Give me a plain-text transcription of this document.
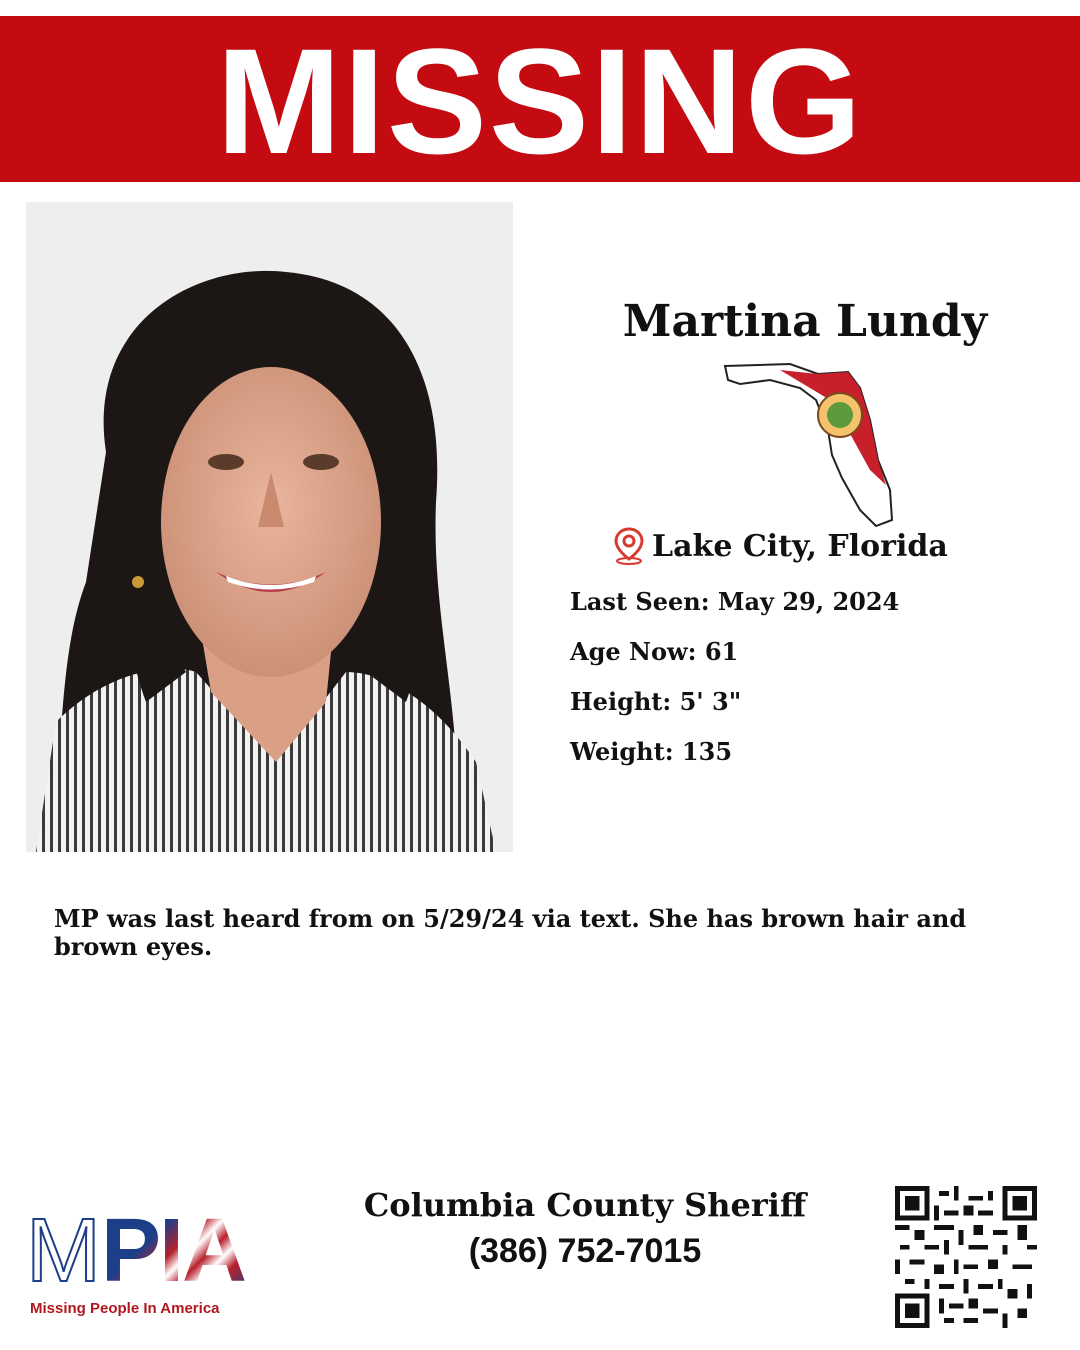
MISSING
Martina Lundy
Lake City, Florida
Last Seen: May 29, 2024
Age Now: 61
Height: 5' 3"
Weight: 135
MP was last heard from on 5/29/24 via text. She has brown hair and brown eyes.
M PIA
Missing People In America
Columbia County Sheriff
(386) 752-7015
